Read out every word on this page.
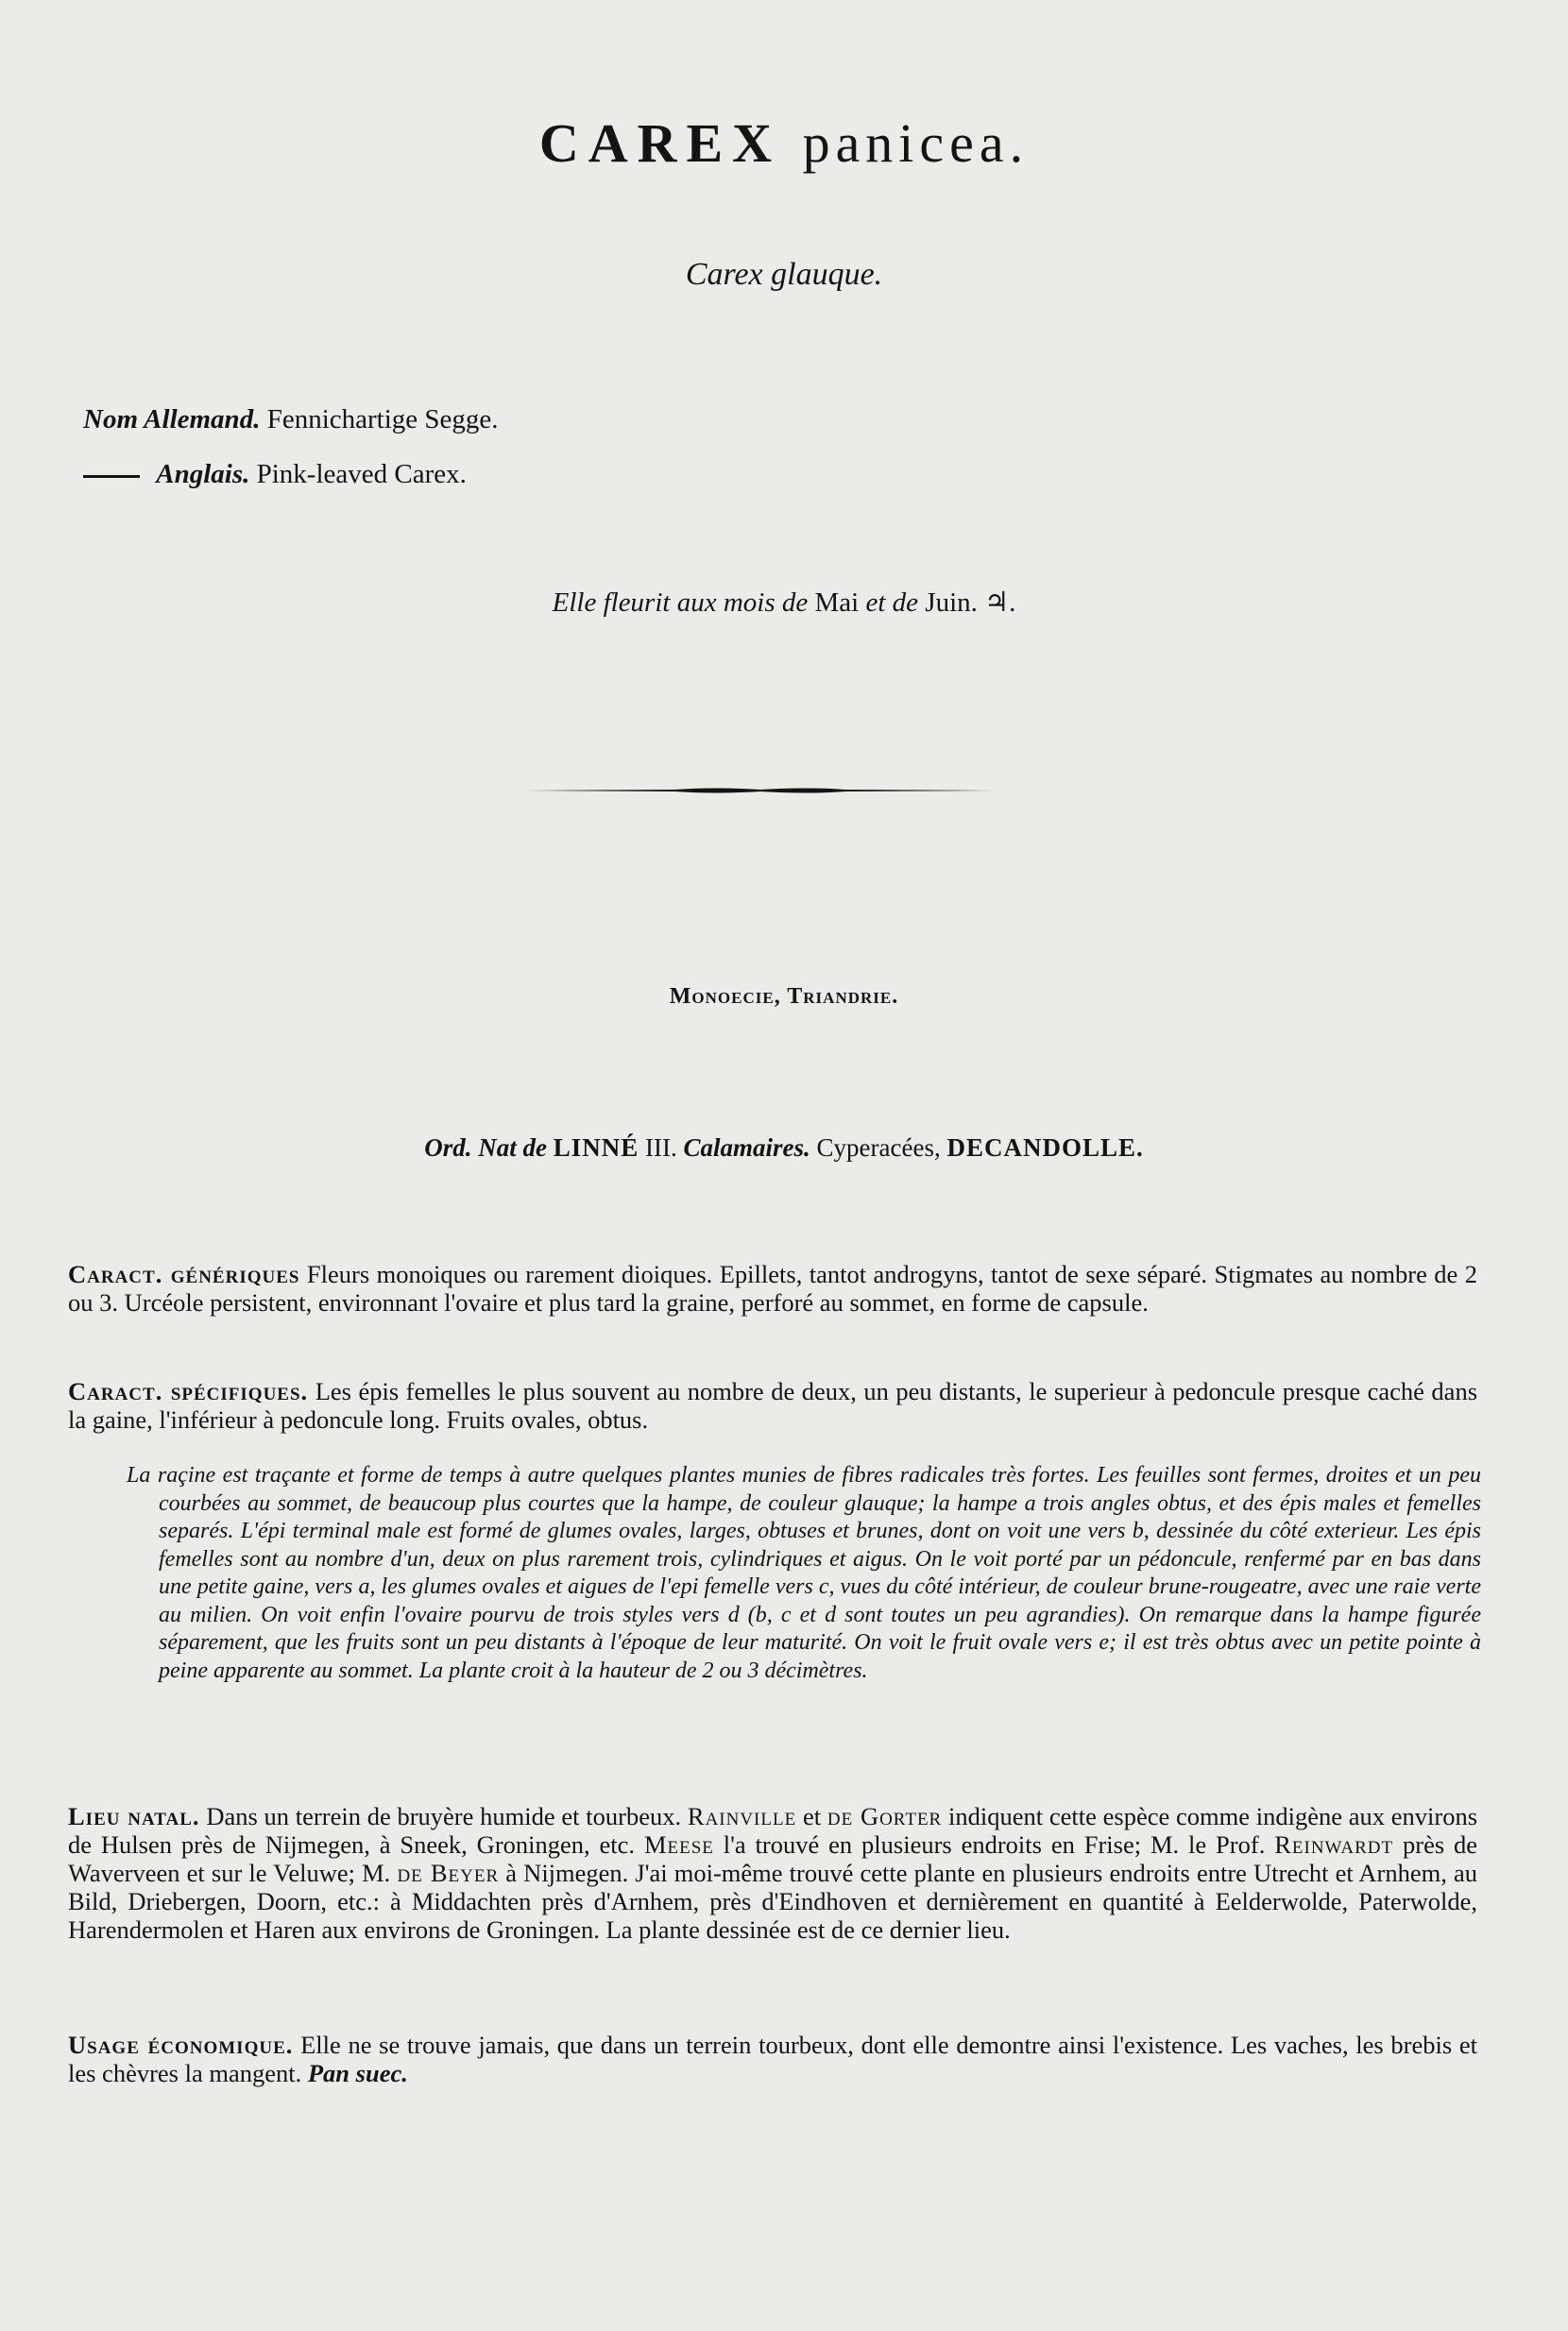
CAREX panicea.
Carex glauque.
Nom Allemand. Fennichartige Segge.
Anglais. Pink-leaved Carex.
Elle fleurit aux mois de Mai et de Juin. ♃.
Monoecie, Triandrie.
Ord. Nat de LINNÉ III. Calamaires. Cyperacées, DECANDOLLE.
Caract. génériques Fleurs monoiques ou rarement dioiques. Epillets, tantot androgyns, tantot de sexe séparé. Stigmates au nombre de 2 ou 3. Urcéole persistent, environnant l'ovaire et plus tard la graine, perforé au sommet, en forme de capsule.
Caract. spécifiques. Les épis femelles le plus souvent au nombre de deux, un peu distants, le superieur à pedoncule presque caché dans la gaine, l'inférieur à pedoncule long. Fruits ovales, obtus.
La raçine est traçante et forme de temps à autre quelques plantes munies de fibres radicales très fortes. Les feuilles sont fermes, droites et un peu courbées au sommet, de beaucoup plus courtes que la hampe, de couleur glauque; la hampe a trois angles obtus, et des épis males et femelles separés. L'épi terminal male est formé de glumes ovales, larges, obtuses et brunes, dont on voit une vers b, dessinée du côté exterieur. Les épis femelles sont au nombre d'un, deux on plus rarement trois, cylindriques et aigus. On le voit porté par un pédoncule, renfermé par en bas dans une petite gaine, vers a, les glumes ovales et aigues de l'epi femelle vers c, vues du côté intérieur, de couleur brune-rougeatre, avec une raie verte au milien. On voit enfin l'ovaire pourvu de trois styles vers d (b, c et d sont toutes un peu agrandies). On remarque dans la hampe figurée séparement, que les fruits sont un peu distants à l'époque de leur maturité. On voit le fruit ovale vers e; il est très obtus avec un petite pointe à peine apparente au sommet. La plante croit à la hauteur de 2 ou 3 décimètres.
Lieu natal. Dans un terrein de bruyère humide et tourbeux. Rainville et de Gorter indiquent cette espèce comme indigène aux environs de Hulsen près de Nijmegen, à Sneek, Groningen, etc. Meese l'a trouvé en plusieurs endroits en Frise; M. le Prof. Reinwardt près de Waverveen et sur le Veluwe; M. de Beyer à Nijmegen. J'ai moi-même trouvé cette plante en plusieurs endroits entre Utrecht et Arnhem, au Bild, Driebergen, Doorn, etc.: à Middachten près d'Arnhem, près d'Eindhoven et dernièrement en quantité à Eelderwolde, Paterwolde, Harendermolen et Haren aux environs de Groningen. La plante dessinée est de ce dernier lieu.
Usage économique. Elle ne se trouve jamais, que dans un terrein tourbeux, dont elle demontre ainsi l'existence. Les vaches, les brebis et les chèvres la mangent. Pan suec.
